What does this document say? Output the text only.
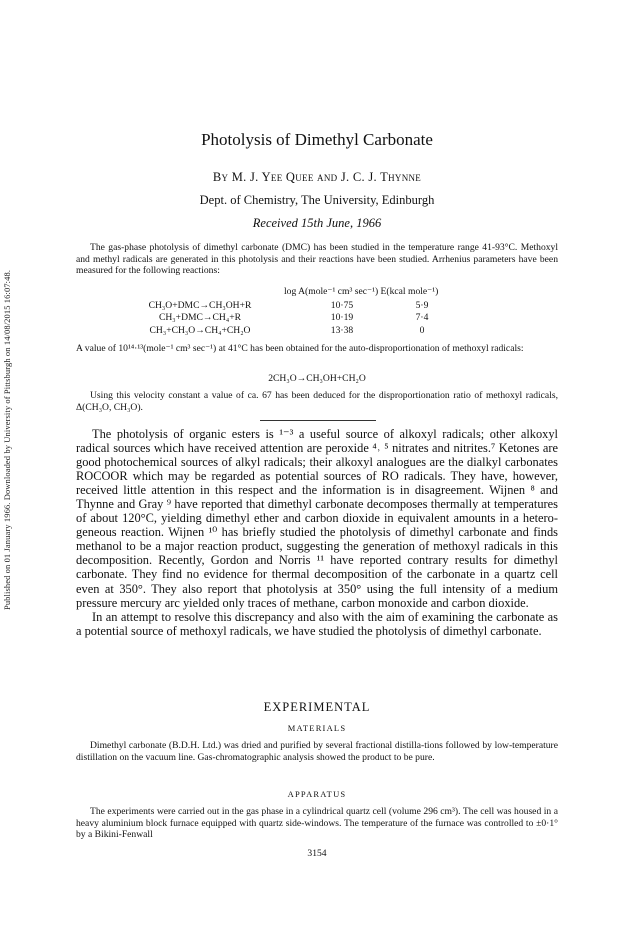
Published on 01 January 1966. Downloaded by University of Pittsburgh on 14/08/2015 16:07:48.
Photolysis of Dimethyl Carbonate
By M. J. Yee Quee and J. C. J. Thynne
Dept. of Chemistry, The University, Edinburgh
Received 15th June, 1966

The gas-phase photolysis of dimethyl carbonate (DMC) has been studied in the temperature range 41-93°C. Methoxyl and methyl radicals are generated in this photolysis and their reactions have been studied. Arrhenius parameters have been measured for the following reactions:

log A(mole⁻¹ cm³ sec⁻¹) E(kcal mole⁻¹)
CH₃O+DMC→CH₃OH+R	10·75	5·9
CH₃+DMC→CH₄+R	10·19	7·4
CH₃+CH₃O→CH₄+CH₂O	13·38	0

A value of 10¹⁴·¹³(mole⁻¹ cm³ sec⁻¹) at 41°C has been obtained for the auto-disproportionation of methoxyl radicals:

2CH₃O→CH₃OH+CH₂O

Using this velocity constant a value of ca. 67 has been deduced for the disproportionation ratio of methoxyl radicals, Δ(CH₃O, CH₃O).

The photolysis of organic esters is ¹⁻³ a useful source of alkoxyl radicals; other alkoxyl radical sources which have received attention are peroxide ⁴˒ ⁵ nitrates and nitrites.⁷ Ketones are good photochemical sources of alkyl radicals; their alkoxyl analogues are the dialkyl carbonates ROCOOR which may be regarded as potential sources of RO radicals. They have, however, received little attention in this respect and the information is in disagreement. Wijnen ⁸ and Thynne and Gray ⁹ have reported that dimethyl carbonate decomposes thermally at temperatures of about 120°C, yielding dimethyl ether and carbon dioxide in equivalent amounts in a hetero-geneous reaction. Wijnen ¹⁰ has briefly studied the photolysis of dimethyl carbonate and finds methanol to be a major reaction product, suggesting the generation of methoxyl radicals in this decomposition. Recently, Gordon and Norris ¹¹ have reported contrary results for dimethyl carbonate. They find no evidence for thermal decomposition of the carbonate in a quartz cell even at 350°. They also report that photolysis at 350° using the full intensity of a medium pressure mercury arc yielded only traces of methane, carbon monoxide and carbon dioxide.

In an attempt to resolve this discrepancy and also with the aim of examining the carbonate as a potential source of methoxyl radicals, we have studied the photolysis of dimethyl carbonate.

EXPERIMENTAL
MATERIALS

Dimethyl carbonate (B.D.H. Ltd.) was dried and purified by several fractional distilla-tions followed by low-temperature distillation on the vacuum line. Gas-chromatographic analysis showed the product to be pure.

APPARATUS

The experiments were carried out in the gas phase in a cylindrical quartz cell (volume 296 cm³). The cell was housed in a heavy aluminium block furnace equipped with quartz side-windows. The temperature of the furnace was controlled to ±0·1° by a Bikini-Fenwall

3154
